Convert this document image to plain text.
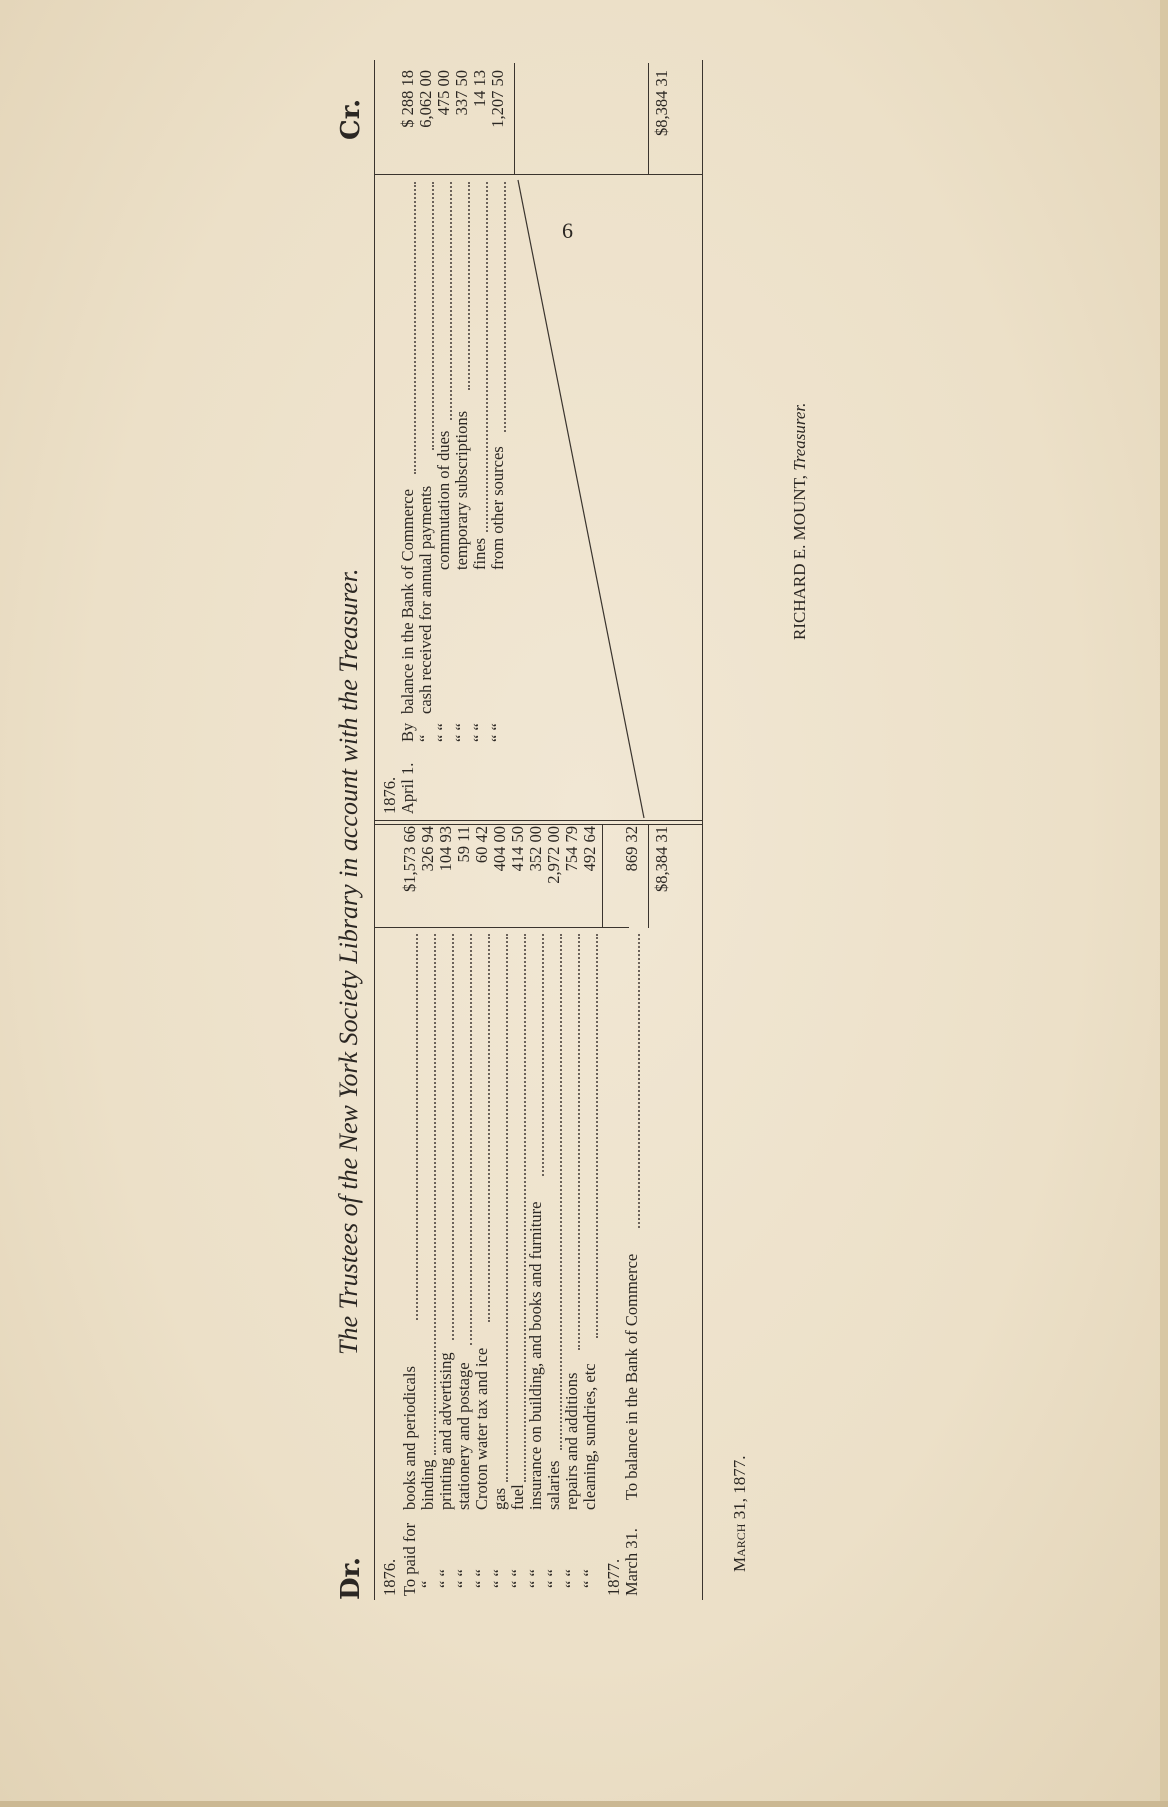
6
Dr.
The Trustees of the New York Society Library in account with the Treasurer.
Cr.
1876. To paid for
books and periodicals
$1,573 66
“
binding
326 94
“ “
printing and advertising
104 93
“ “
stationery and postage
59 11
“ “
Croton water tax and ice
60 42
“ “
gas
404 00
“ “
fuel
414 50
“ “
insurance on building, and books and furniture
352 00
“ “
salaries
2,972 00
“ “
repairs and additions
754 79
“ “
cleaning, sundries, etc
492 64
1877. March 31.
To balance in the Bank of Commerce
869 32 $8,384 31
1876. April 1.
By
balance in the Bank of Commerce
$ 288 18
“
cash received for annual payments
6,062 00
“ “
commutation of dues
475 00
“ “
temporary subscriptions
337 50
“ “
fines
14 13
“ “
from other sources
1,207 50	$8,384 31
March 31, 1877.
RICHARD E. MOUNT, Treasurer.
